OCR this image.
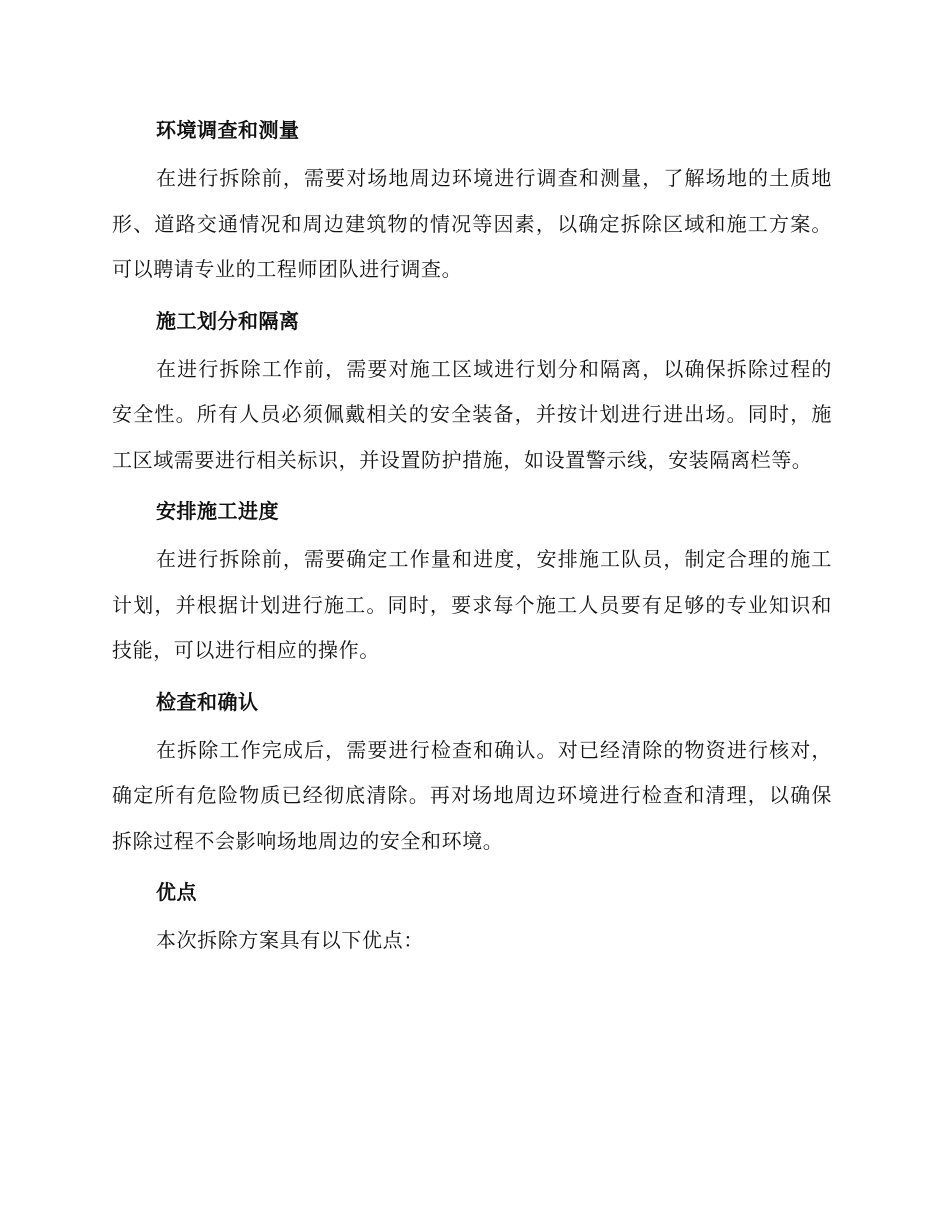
环境调查和测量

在进行拆除前，需要对场地周边环境进行调查和测量，了解场地的土质地形、道路交通情况和周边建筑物的情况等因素，以确定拆除区域和施工方案。可以聘请专业的工程师团队进行调查。

施工划分和隔离

在进行拆除工作前，需要对施工区域进行划分和隔离，以确保拆除过程的安全性。所有人员必须佩戴相关的安全装备，并按计划进行进出场。同时，施工区域需要进行相关标识，并设置防护措施，如设置警示线，安装隔离栏等。

安排施工进度

在进行拆除前，需要确定工作量和进度，安排施工队员，制定合理的施工计划，并根据计划进行施工。同时，要求每个施工人员要有足够的专业知识和技能，可以进行相应的操作。

检查和确认

在拆除工作完成后，需要进行检查和确认。对已经清除的物资进行核对，确定所有危险物质已经彻底清除。再对场地周边环境进行检查和清理，以确保拆除过程不会影响场地周边的安全和环境。

优点

本次拆除方案具有以下优点：
